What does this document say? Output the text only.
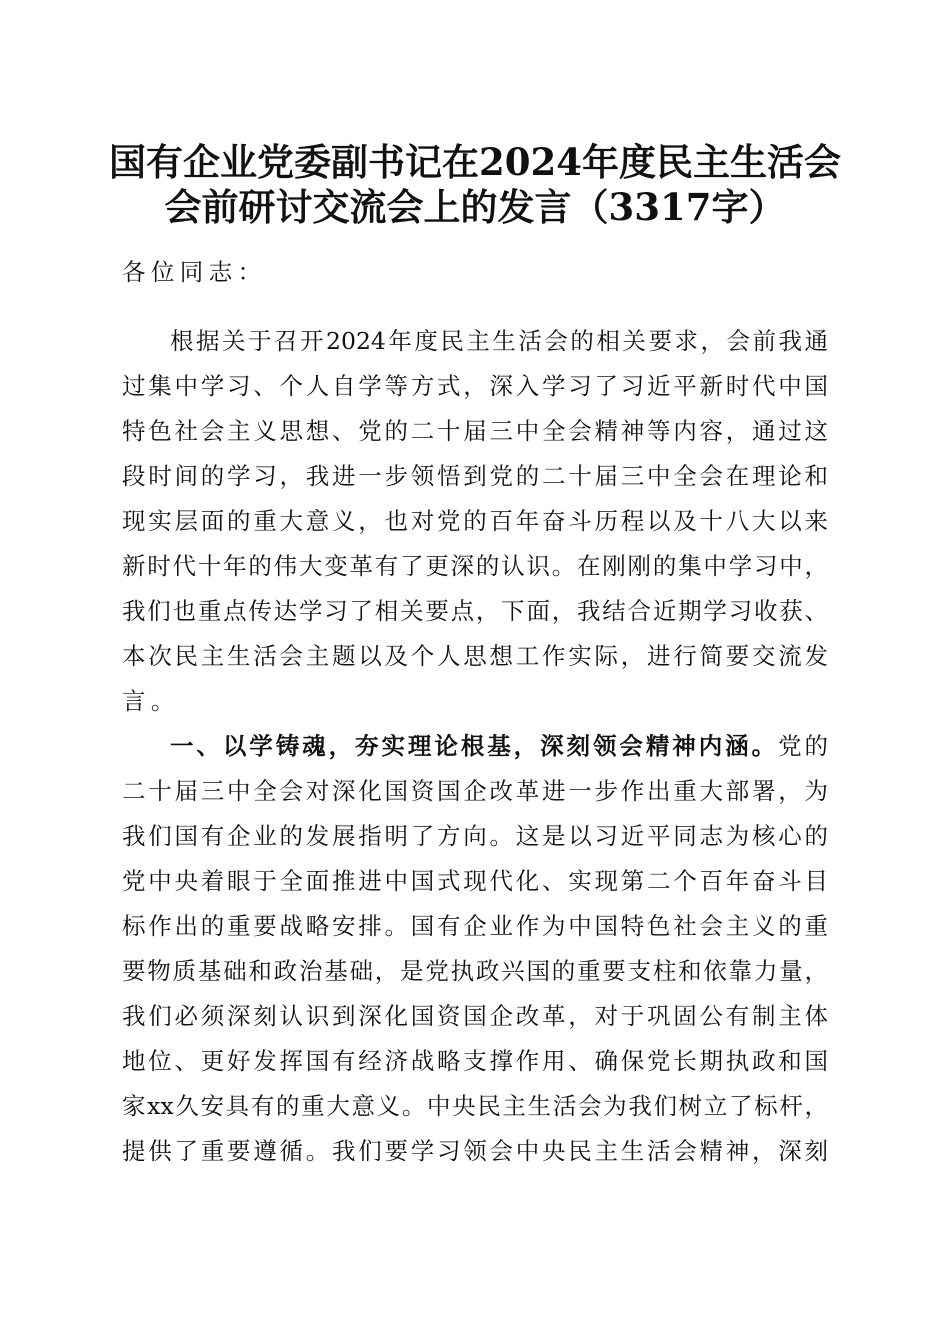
国有企业党委副书记在2024年度民主生活会
会前研讨交流会上的发言（3317字）
各位同志：
根据关于召开2024年度民主生活会的相关要求，会前我通
过集中学习、个人自学等方式，深入学习了习近平新时代中国
特色社会主义思想、党的二十届三中全会精神等内容，通过这
段时间的学习，我进一步领悟到党的二十届三中全会在理论和
现实层面的重大意义，也对党的百年奋斗历程以及十八大以来
新时代十年的伟大变革有了更深的认识。在刚刚的集中学习中，
我们也重点传达学习了相关要点，下面，我结合近期学习收获、
本次民主生活会主题以及个人思想工作实际，进行简要交流发
言。
一、以学铸魂，夯实理论根基，深刻领会精神内涵。党的
二十届三中全会对深化国资国企改革进一步作出重大部署，为
我们国有企业的发展指明了方向。这是以习近平同志为核心的
党中央着眼于全面推进中国式现代化、实现第二个百年奋斗目
标作出的重要战略安排。国有企业作为中国特色社会主义的重
要物质基础和政治基础，是党执政兴国的重要支柱和依靠力量，
我们必须深刻认识到深化国资国企改革，对于巩固公有制主体
地位、更好发挥国有经济战略支撑作用、确保党长期执政和国
家xx久安具有的重大意义。中央民主生活会为我们树立了标杆，
提供了重要遵循。我们要学习领会中央民主生活会精神，深刻
